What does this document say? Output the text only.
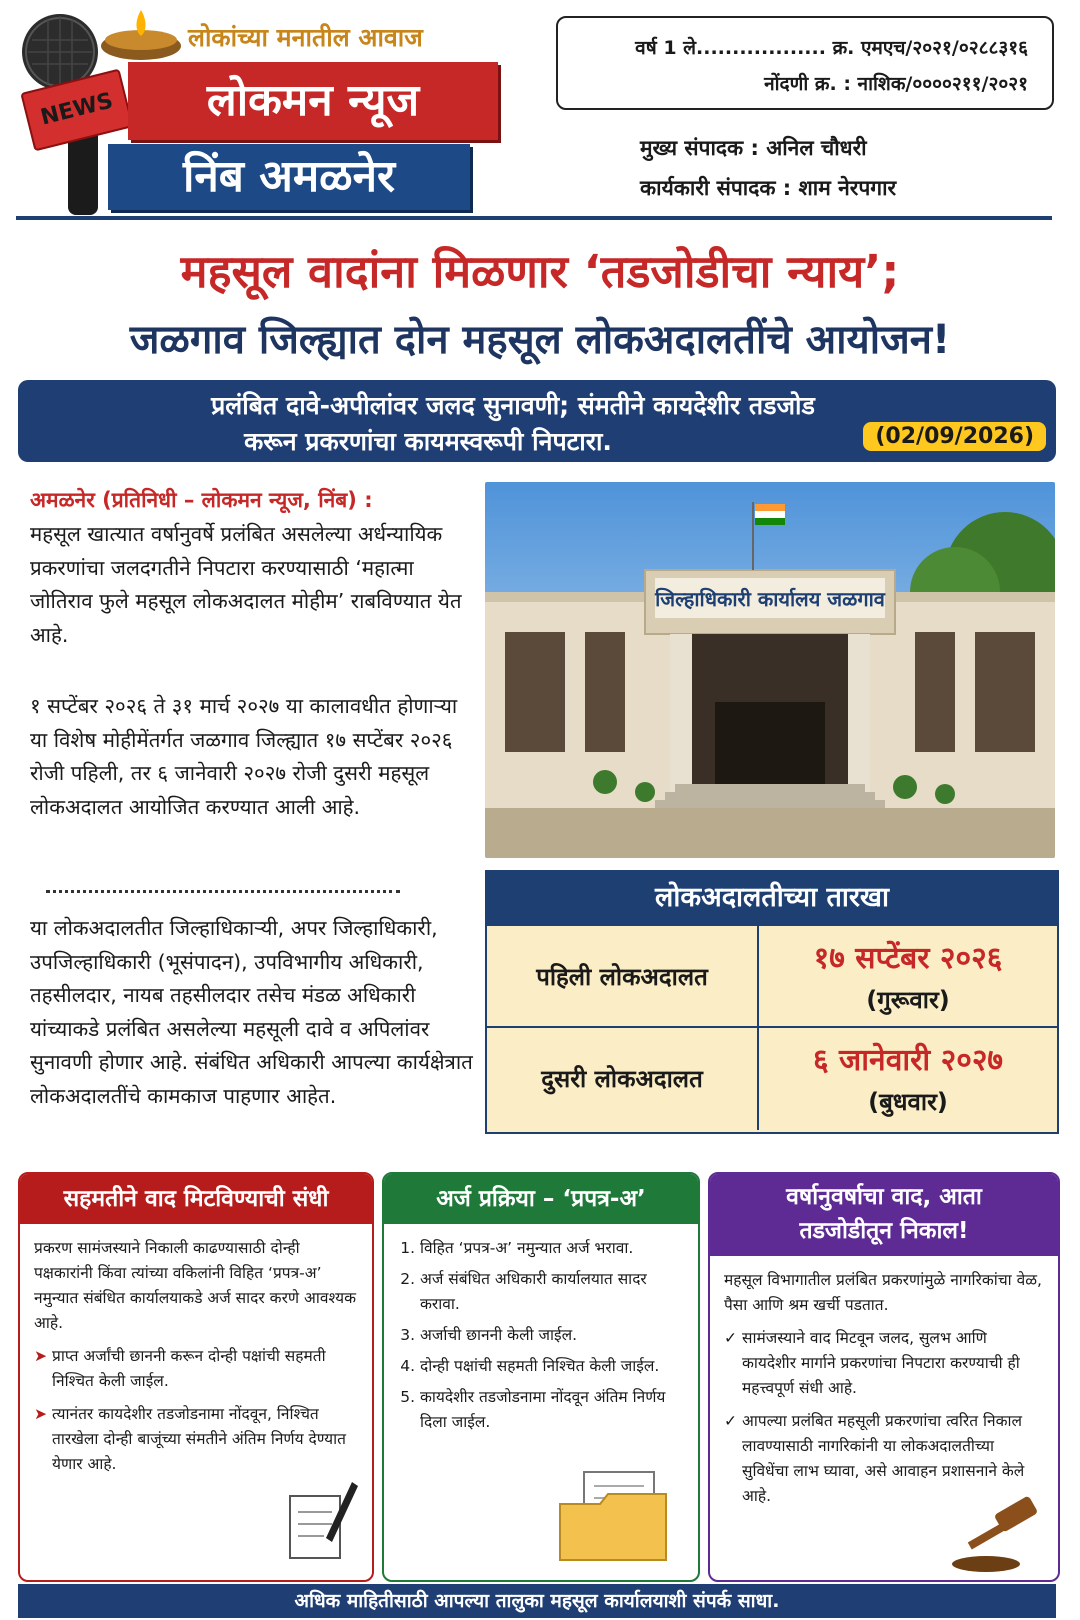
NEWS
लोकांच्या मनातील आवाज
लोकमन न्यूज
निंब अमळनेर
वर्ष 1 ले.................. क्र. एमएच/२०२१/०२८८३१६
नोंदणी क्र. : नाशिक/००००२११/२०२१
मुख्य संपादक : अनिल चौधरी
कार्यकारी संपादक : शाम नेरपगार
महसूल वादांना मिळणार ‘तडजोडीचा न्याय’;
जळगाव जिल्ह्यात दोन महसूल लोकअदालतींचे आयोजन!
प्रलंबित दावे-अपीलांवर जलद सुनावणी; संमतीने कायदेशीर तडजोड
करून प्रकरणांचा कायमस्वरूपी निपटारा.	(02/09/2026)
अमळनेर (प्रतिनिधी – लोकमन न्यूज, निंब) :
महसूल खात्यात वर्षानुवर्षे प्रलंबित असलेल्या अर्धन्यायिक प्रकरणांचा जलदगतीने निपटारा करण्यासाठी ‘महात्मा जोतिराव फुले महसूल लोकअदालत मोहीम’ राबविण्यात येत आहे.
१ सप्टेंबर २०२६ ते ३१ मार्च २०२७ या कालावधीत होणाऱ्या या विशेष मोहीमेंतर्गत जळगाव जिल्ह्यात १७ सप्टेंबर २०२६ रोजी पहिली, तर ६ जानेवारी २०२७ रोजी दुसरी महसूल लोकअदालत आयोजित करण्यात आली आहे.
या लोकअदालतीत जिल्हाधिकाऱ्यी, अपर जिल्हाधिकारी, उपजिल्हाधिकारी (भूसंपादन), उपविभागीय अधिकारी, तहसीलदार, नायब तहसीलदार तसेच मंडळ अधिकारी यांच्याकडे प्रलंबित असलेल्या महसूली दावे व अपिलांवर सुनावणी होणार आहे. संबंधित अधिकारी आपल्या कार्यक्षेत्रात लोकअदालतींचे कामकाज पाहणार आहेत.
जिल्हाधिकारी कार्यालय जळगाव
लोकअदालतीच्या तारखा
पहिली लोकअदालत
१७ सप्टेंबर २०२६
(गुरूवार)
दुसरी लोकअदालत
६ जानेवारी २०२७
(बुधवार)
सहमतीने वाद मिटविण्याची संधी
प्रकरण सामंजस्याने निकाली काढण्यासाठी दोन्ही पक्षकारांनी किंवा त्यांच्या वकिलांनी विहित ‘प्रपत्र-अ’ नमुन्यात संबंधित कार्यालयाकडे अर्ज सादर करणे आवश्यक आहे.
➤ प्राप्त अर्जांची छाननी करून दोन्ही पक्षांची सहमती निश्चित केली जाईल.
➤ त्यानंतर कायदेशीर तडजोडनामा नोंदवून, निश्चित तारखेला दोन्ही बाजूंच्या संमतीने अंतिम निर्णय देण्यात येणार आहे.
अर्ज प्रक्रिया – ‘प्रपत्र-अ’
1. विहित ‘प्रपत्र-अ’ नमुन्यात अर्ज भरावा.
2. अर्ज संबंधित अधिकारी कार्यालयात सादर करावा.
3. अर्जाची छाननी केली जाईल.
4. दोन्ही पक्षांची सहमती निश्चित केली जाईल.
5. कायदेशीर तडजोडनामा नोंदवून अंतिम निर्णय दिला जाईल.
वर्षानुवर्षाचा वाद, आता
तडजोडीतून निकाल!
महसूल विभागातील प्रलंबित प्रकरणांमुळे नागरिकांचा वेळ, पैसा आणि श्रम खर्ची पडतात.
✓ सामंजस्याने वाद मिटवून जलद, सुलभ आणि कायदेशीर मार्गाने प्रकरणांचा निपटारा करण्याची ही महत्त्वपूर्ण संधी आहे.
✓ आपल्या प्रलंबित महसूली प्रकरणांचा त्वरित निकाल लावण्यासाठी नागरिकांनी या लोकअदालतीच्या सुविधेंचा लाभ घ्यावा, असे आवाहन प्रशासनाने केले आहे.
अधिक माहितीसाठी आपल्या तालुका महसूल कार्यालयाशी संपर्क साधा.
